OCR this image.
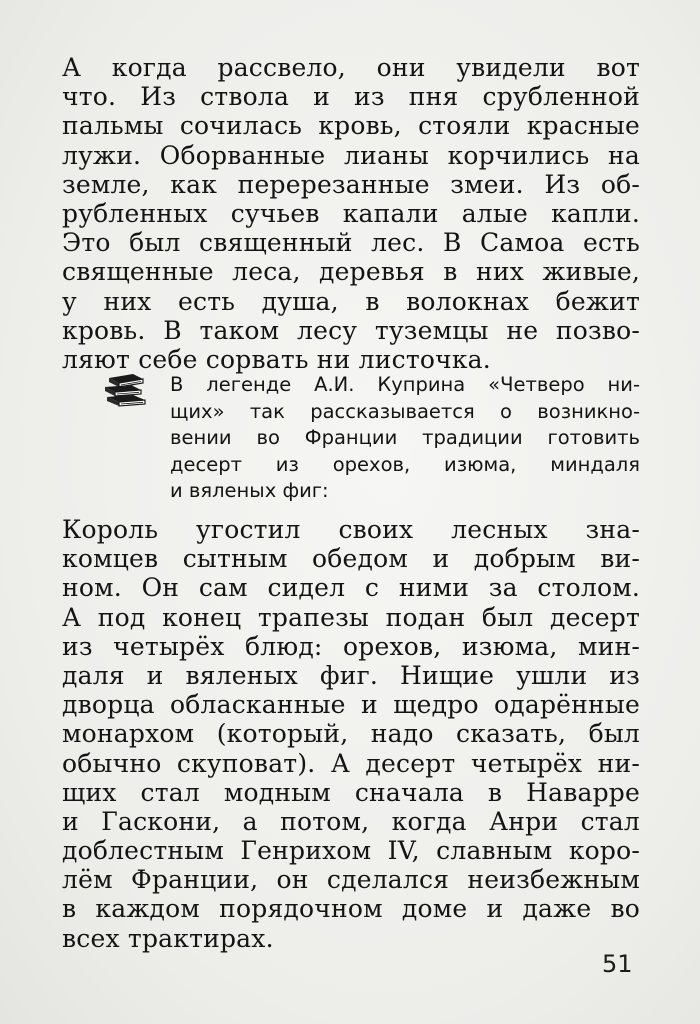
А когда рассвело, они увидели вот
что. Из ствола и из пня срубленной
пальмы сочилась кровь, стояли красные
лужи. Оборванные лианы корчились на
земле, как перерезанные змеи. Из об-
рубленных сучьев капали алые капли.
Это был священный лес. В Самоа есть
священные леса, деревья в них живые,
у них есть душа, в волокнах бежит
кровь. В таком лесу туземцы не позво-
ляют себе сорвать ни листочка.
В легенде А.И. Куприна «Четверо ни-
щих» так рассказывается о возникно-
вении во Франции традиции готовить
десерт из орехов, изюма, миндаля
и вяленых фиг:
Король угостил своих лесных зна-
комцев сытным обедом и добрым ви-
ном. Он сам сидел с ними за столом.
А под конец трапезы подан был десерт
из четырёх блюд: орехов, изюма, мин-
даля и вяленых фиг. Нищие ушли из
дворца обласканные и щедро одарённые
монархом (который, надо сказать, был
обычно скуповат). А десерт четырёх ни-
щих стал модным сначала в Наварре
и Гаскони, а потом, когда Анри стал
доблестным Генрихом IV, славным коро-
лём Франции, он сделался неизбежным
в каждом порядочном доме и даже во
всех трактирах.
51
